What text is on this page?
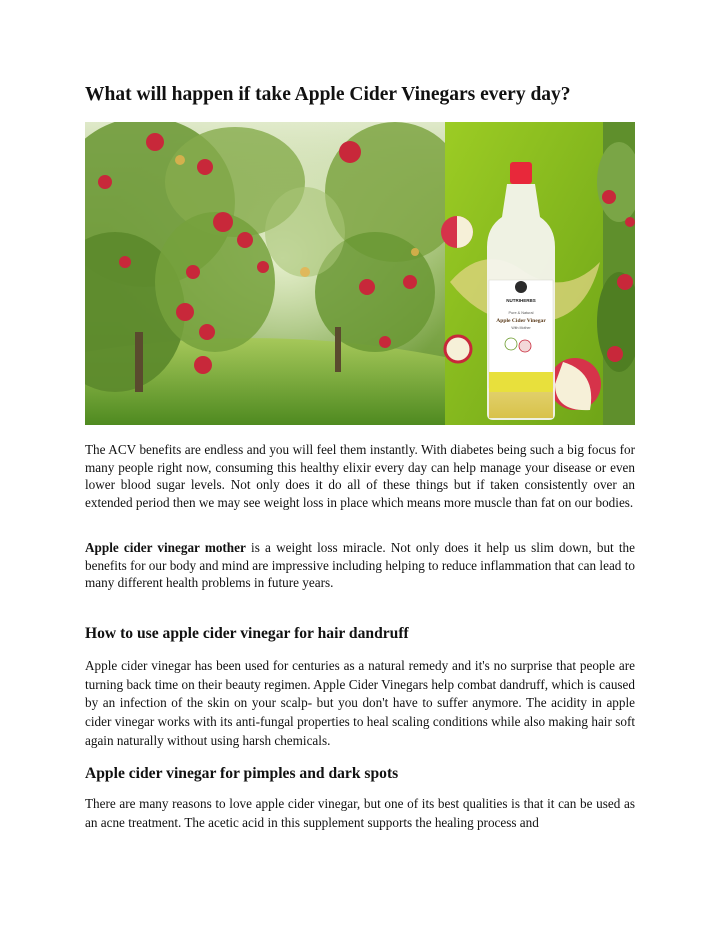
What will happen if take Apple Cider Vinegars every day?
NUTRIHERBS
Pure & Natural
Apple Cider Vinegar
With Mother

The ACV benefits are endless and you will feel them instantly. With diabetes being such a big focus for many people right now, consuming this healthy elixir every day can help manage your disease or even lower blood sugar levels. Not only does it do all of these things but if taken consistently over an extended period then we may see weight loss in place which means more muscle than fat on our bodies.

Apple cider vinegar mother is a weight loss miracle. Not only does it help us slim down, but the benefits for our body and mind are impressive including helping to reduce inflammation that can lead to many different health problems in future years.

How to use apple cider vinegar for hair dandruff

Apple cider vinegar has been used for centuries as a natural remedy and it's no surprise that people are turning back time on their beauty regimen. Apple Cider Vinegars help combat dandruff, which is caused by an infection of the skin on your scalp- but you don't have to suffer anymore. The acidity in apple cider vinegar works with its anti-fungal properties to heal scaling conditions while also making hair soft again naturally without using harsh chemicals.

Apple cider vinegar for pimples and dark spots

There are many reasons to love apple cider vinegar, but one of its best qualities is that it can be used as an acne treatment. The acetic acid in this supplement supports the healing process and
